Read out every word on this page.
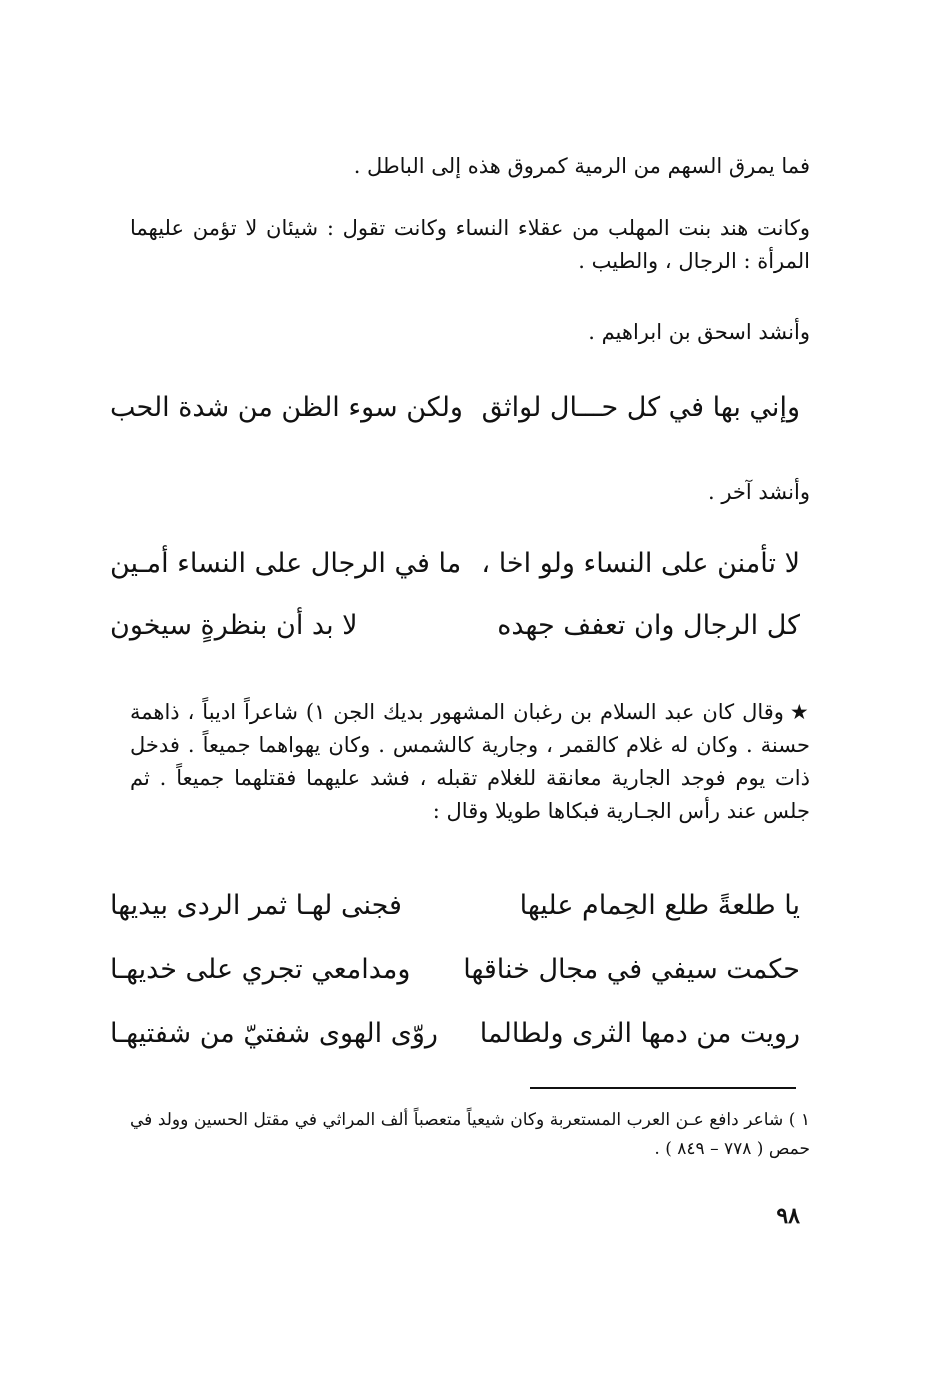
فما يمرق السهم من الرمية كمروق هذه إلى الباطل .
وكانت هند بنت المهلب من عقلاء النساء وكانت تقول : شيئان لا تؤمن عليهما المرأة : الرجال ، والطيب .
وأنشد اسحق بن ابراهيم .
وإني بها في كل حـــال لواثق
ولكن سوء الظن من شدة الحب
وأنشد آخر .
لا تأمنن على النساء ولو اخا ،
ما في الرجال على النساء أمـين
كل الرجال وان تعفف جهده
لا بد أن بنظرةٍ سيخون
★وقال كان عبد السلام بن رغبان المشهور بديك الجن ١) شاعراً اديباً ، ذاهمة حسنة . وكان له غلام كالقمر ، وجارية كالشمس . وكان يهواهما جميعاً . فدخل ذات يوم فوجد الجارية معانقة للغلام تقبله ، فشد عليهما فقتلهما جميعاً . ثم جلس عند رأس الجـارية فبكاها طويلا وقال :
يا طلعةً طلع الحِمام عليها
فجنى لهـا ثمر الردى بيديها
حكمت سيفي في مجال خناقها
ومدامعي تجري على خديهـا
رويت من دمها الثرى ولطالما
روّى الهوى شفتيّ من شفتيهـا
١ ) شاعر دافع عـن العرب المستعربة وكان شيعياً متعصباً ألف المراثي في مقتل الحسين وولد في حمص ( ٧٧٨ – ٨٤٩ ) .
٩٨
